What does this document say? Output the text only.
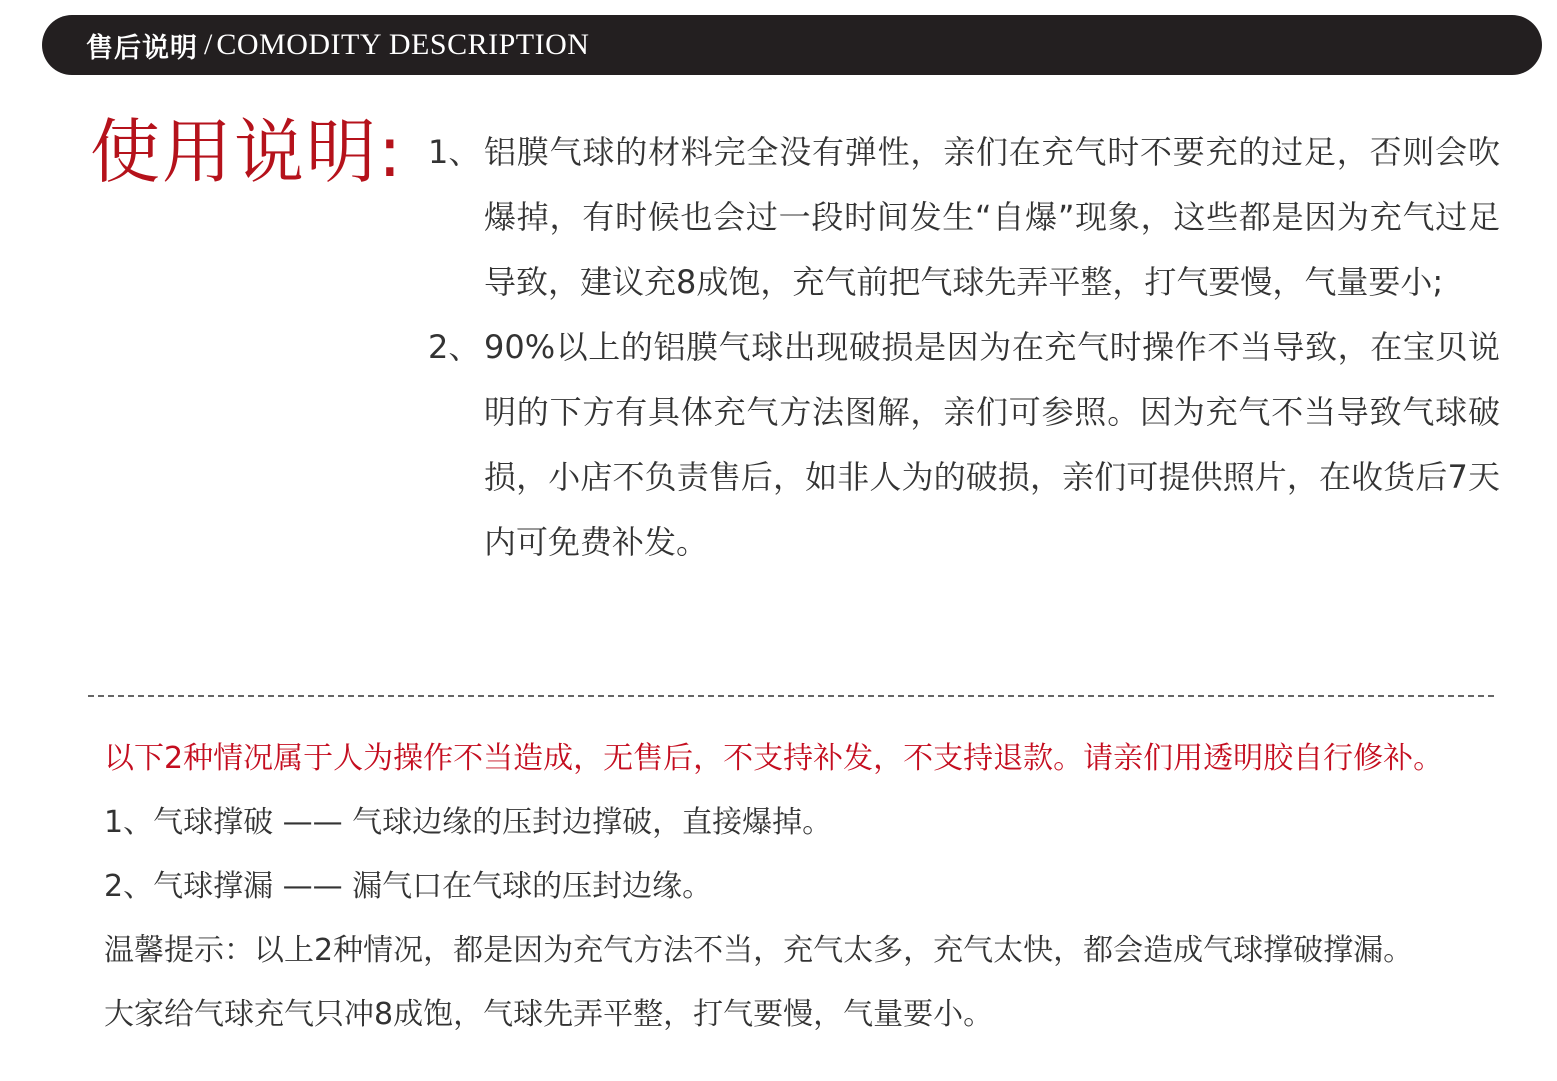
售后说明 / COMODITY DESCRIPTION
使用说明: 1、 铝膜气球的材料完全没有弹性，亲们在充气时不要充的过足，否则会吹爆掉，有时候也会过一段时间发生“自爆”现象，这些都是因为充气过足导致，建议充8成饱，充气前把气球先弄平整，打气要慢，气量要小;
2、 90%以上的铝膜气球出现破损是因为在充气时操作不当导致，在宝贝说明的下方有具体充气方法图解，亲们可参照。因为充气不当导致气球破损，小店不负责售后，如非人为的破损，亲们可提供照片，在收货后7天内可免费补发。
以下2种情况属于人为操作不当造成，无售后，不支持补发，不支持退款。请亲们用透明胶自行修补。
1、气球撑破 —— 气球边缘的压封边撑破，直接爆掉。
2、气球撑漏 —— 漏气口在气球的压封边缘。
温馨提示：以上2种情况，都是因为充气方法不当，充气太多，充气太快，都会造成气球撑破撑漏。
大家给气球充气只冲8成饱，气球先弄平整，打气要慢，气量要小。
